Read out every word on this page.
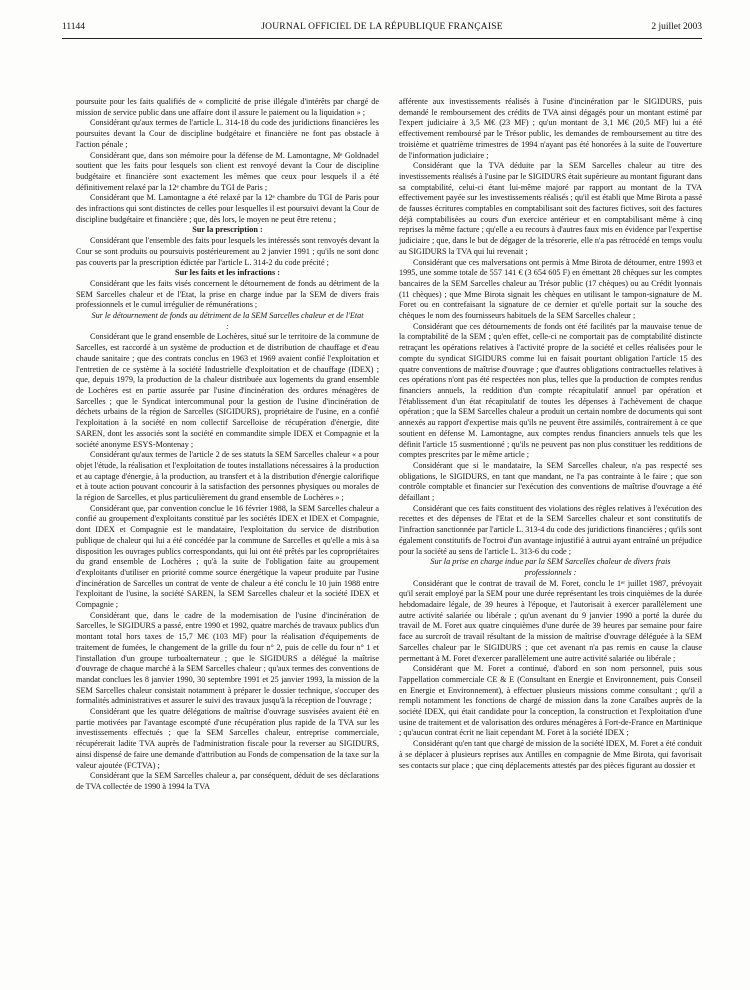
11144	JOURNAL OFFICIEL DE LA RÉPUBLIQUE FRANÇAISE	2 juillet 2003

poursuite pour les faits qualifiés de « complicité de prise illégale d'intérêts par chargé de mission de service public dans une affaire dont il assure le paiement ou la liquidation » ;

Considérant qu'aux termes de l'article L. 314-18 du code des juridictions financières les poursuites devant la Cour de discipline budgétaire et financière ne font pas obstacle à l'action pénale ;

Considérant que, dans son mémoire pour la défense de M. Lamontagne, Mᵉ Goldnadel soutient que les faits pour lesquels son client est renvoyé devant la Cour de discipline budgétaire et financière sont exactement les mêmes que ceux pour lesquels il a été définitivement relaxé par la 12ᵉ chambre du TGI de Paris ;

Considérant que M. Lamontagne a été relaxé par la 12ᵉ chambre du TGI de Paris pour des infractions qui sont distinctes de celles pour lesquelles il est poursuivi devant la Cour de discipline budgétaire et financière ; que, dès lors, le moyen ne peut être retenu ;

Sur la prescription :

Considérant que l'ensemble des faits pour lesquels les intéressés sont renvoyés devant la Cour se sont produits ou poursuivis postérieurement au 2 janvier 1991 ; qu'ils ne sont donc pas couverts par la prescription édictée par l'article L. 314-2 du code précité ;

Sur les faits et les infractions :

Considérant que les faits visés concernent le détournement de fonds au détriment de la SEM Sarcelles chaleur et de l'Etat, la prise en charge indue par la SEM de divers frais professionnels et le cumul irrégulier de rémunérations ;

Sur le détournement de fonds au détriment de la SEM Sarcelles chaleur et de l'Etat :

Considérant que le grand ensemble de Lochères, situé sur le territoire de la commune de Sarcelles, est raccordé à un système de production et de distribution de chauffage et d'eau chaude sanitaire ; que des contrats conclus en 1963 et 1969 avaient confié l'exploitation et l'entretien de ce système à la société Industrielle d'exploitation et de chauffage (IDEX) ; que, depuis 1979, la production de la chaleur distribuée aux logements du grand ensemble de Lochères est en partie assurée par l'usine d'incinération des ordures ménagères de Sarcelles ; que le Syndicat intercommunal pour la gestion de l'usine d'incinération de déchets urbains de la région de Sarcelles (SIGIDURS), propriétaire de l'usine, en a confié l'exploitation à la société en nom collectif Sarcelloise de récupération d'énergie, dite SAREN, dont les associés sont la société en commandite simple IDEX et Compagnie et la société anonyme ESYS-Montenay ;

Considérant qu'aux termes de l'article 2 de ses statuts la SEM Sarcelles chaleur « a pour objet l'étude, la réalisation et l'exploitation de toutes installations nécessaires à la production et au captage d'énergie, à la production, au transfert et à la distribution d'énergie calorifique et à toute action pouvant concourir à la satisfaction des personnes physiques ou morales de la région de Sarcelles, et plus particulièrement du grand ensemble de Lochères » ;

Considérant que, par convention conclue le 16 février 1988, la SEM Sarcelles chaleur a confié au groupement d'exploitants constitué par les sociétés IDEX et IDEX et Compagnie, dont IDEX et Compagnie est le mandataire, l'exploitation du service de distribution publique de chaleur qui lui a été concédée par la commune de Sarcelles et qu'elle a mis à sa disposition les ouvrages publics correspondants, qui lui ont été prêtés par les copropriétaires du grand ensemble de Lochères ; qu'à la suite de l'obligation faite au groupement d'exploitants d'utiliser en priorité comme source énergétique la vapeur produite par l'usine d'incinération de Sarcelles un contrat de vente de chaleur a été conclu le 10 juin 1988 entre l'exploitant de l'usine, la société SAREN, la SEM Sarcelles chaleur et la société IDEX et Compagnie ;

Considérant que, dans le cadre de la modernisation de l'usine d'incinération de Sarcelles, le SIGIDURS a passé, entre 1990 et 1992, quatre marchés de travaux publics d'un montant total hors taxes de 15,7 M€ (103 MF) pour la réalisation d'équipements de traitement de fumées, le changement de la grille du four n° 2, puis de celle du four n° 1 et l'installation d'un groupe turboalternateur ; que le SIGIDURS a délégué la maîtrise d'ouvrage de chaque marché à la SEM Sarcelles chaleur ; qu'aux termes des conventions de mandat conclues les 8 janvier 1990, 30 septembre 1991 et 25 janvier 1993, la mission de la SEM Sarcelles chaleur consistait notamment à préparer le dossier technique, s'occuper des formalités administratives et assurer le suivi des travaux jusqu'à la réception de l'ouvrage ;

Considérant que les quatre délégations de maîtrise d'ouvrage susvisées avaient été en partie motivées par l'avantage escompté d'une récupération plus rapide de la TVA sur les investissements effectués ; que la SEM Sarcelles chaleur, entreprise commerciale, récupérerait ladite TVA auprès de l'administration fiscale pour la reverser au SIGIDURS, ainsi dispensé de faire une demande d'attribution au Fonds de compensation de la taxe sur la valeur ajoutée (FCTVA) ;

Considérant que la SEM Sarcelles chaleur a, par conséquent, déduit de ses déclarations de TVA collectée de 1990 à 1994 la TVA

afférente aux investissements réalisés à l'usine d'incinération par le SIGIDURS, puis demandé le remboursement des crédits de TVA ainsi dégagés pour un montant estimé par l'expert judiciaire à 3,5 M€ (23 MF) ; qu'un montant de 3,1 M€ (20,5 MF) lui a été effectivement remboursé par le Trésor public, les demandes de remboursement au titre des troisième et quatrième trimestres de 1994 n'ayant pas été honorées à la suite de l'ouverture de l'information judiciaire ;

Considérant que la TVA déduite par la SEM Sarcelles chaleur au titre des investissements réalisés à l'usine par le SIGIDURS était supérieure au montant figurant dans sa comptabilité, celui-ci étant lui-même majoré par rapport au montant de la TVA effectivement payée sur les investissements réalisés ; qu'il est établi que Mme Birota a passé de fausses écritures comptables en comptabilisant soit des factures fictives, soit des factures déjà comptabilisées au cours d'un exercice antérieur et en comptabilisant même à cinq reprises la même facture ; qu'elle a eu recours à d'autres faux mis en évidence par l'expertise judiciaire ; que, dans le but de dégager de la trésorerie, elle n'a pas rétrocédé en temps voulu au SIGIDURS la TVA qui lui revenait ;

Considérant que ces malversations ont permis à Mme Birota de détourner, entre 1993 et 1995, une somme totale de 557 141 € (3 654 605 F) en émettant 28 chèques sur les comptes bancaires de la SEM Sarcelles chaleur au Trésor public (17 chèques) ou au Crédit lyonnais (11 chèques) ; que Mme Birota signait les chèques en utilisant le tampon-signature de M. Foret ou en contrefaisant la signature de ce dernier et qu'elle portait sur la souche des chèques le nom des fournisseurs habituels de la SEM Sarcelles chaleur ;

Considérant que ces détournements de fonds ont été facilités par la mauvaise tenue de la comptabilité de la SEM ; qu'en effet, celle-ci ne comportait pas de comptabilité distincte retraçant les opérations relatives à l'activité propre de la société et celles réalisées pour le compte du syndicat SIGIDURS comme lui en faisait pourtant obligation l'article 15 des quatre conventions de maîtrise d'ouvrage ; que d'autres obligations contractuelles relatives à ces opérations n'ont pas été respectées non plus, telles que la production de comptes rendus financiers annuels, la reddition d'un compte récapitulatif annuel par opération et l'établissement d'un état récapitulatif de toutes les dépenses à l'achèvement de chaque opération ; que la SEM Sarcelles chaleur a produit un certain nombre de documents qui sont annexés au rapport d'expertise mais qu'ils ne peuvent être assimilés, contrairement à ce que soutient en défense M. Lamontagne, aux comptes rendus financiers annuels tels que les définit l'article 15 susmentionné ; qu'ils ne peuvent pas non plus constituer les redditions de comptes prescrites par le même article ;

Considérant que si le mandataire, la SEM Sarcelles chaleur, n'a pas respecté ses obligations, le SIGIDURS, en tant que mandant, ne l'a pas contrainte à le faire ; que son contrôle comptable et financier sur l'exécution des conventions de maîtrise d'ouvrage a été défaillant ;

Considérant que ces faits constituent des violations des règles relatives à l'exécution des recettes et des dépenses de l'Etat et de la SEM Sarcelles chaleur et sont constitutifs de l'infraction sanctionnée par l'article L. 313-4 du code des juridictions financières ; qu'ils sont également constitutifs de l'octroi d'un avantage injustifié à autrui ayant entraîné un préjudice pour la société au sens de l'article L. 313-6 du code ;

Sur la prise en charge indue par la SEM Sarcelles chaleur de divers frais professionnels :

Considérant que le contrat de travail de M. Foret, conclu le 1ᵉʳ juillet 1987, prévoyait qu'il serait employé par la SEM pour une durée représentant les trois cinquièmes de la durée hebdomadaire légale, de 39 heures à l'époque, et l'autorisait à exercer parallèlement une autre activité salariée ou libérale ; qu'un avenant du 9 janvier 1990 a porté la durée du travail de M. Foret aux quatre cinquièmes d'une durée de 39 heures par semaine pour faire face au surcroît de travail résultant de la mission de maîtrise d'ouvrage déléguée à la SEM Sarcelles chaleur par le SIGIDURS ; que cet avenant n'a pas remis en cause la clause permettant à M. Foret d'exercer parallèlement une autre activité salariée ou libérale ;

Considérant que M. Foret a continué, d'abord en son nom personnel, puis sous l'appellation commerciale CE & E (Consultant en Energie et Environnement, puis Conseil en Energie et Environnement), à effectuer plusieurs missions comme consultant ; qu'il a rempli notamment les fonctions de chargé de mission dans la zone Caraïbes auprès de la société IDEX, qui était candidate pour la conception, la construction et l'exploitation d'une usine de traitement et de valorisation des ordures ménagères à Fort-de-France en Martinique ; qu'aucun contrat écrit ne liait cependant M. Foret à la société IDEX ;

Considérant qu'en tant que chargé de mission de la société IDEX, M. Foret a été conduit à se déplacer à plusieurs reprises aux Antilles en compagnie de Mme Birota, qui favorisait ses contacts sur place ; que cinq déplacements attestés par des pièces figurant au dossier et
